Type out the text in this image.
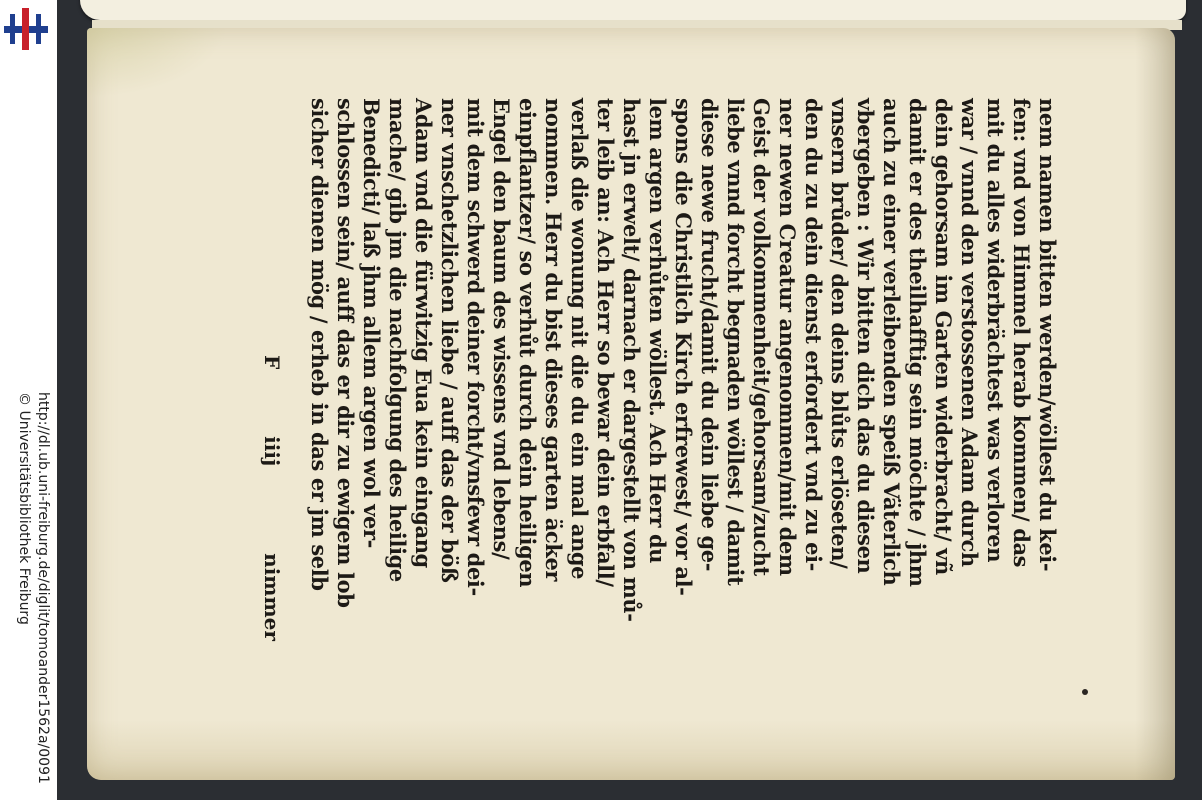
http://dl.ub.uni-freiburg.de/diglit/tomoander1562a/0091
© Universitätsbibliothek Freiburg	nem namen bitten werden/wöllest du kei-
fen: vnd von Himmel herab kommen/ das
mit du alles widerbrächtest was verloren
war / vnnd den verstossenen Adam durch
dein gehorsam im Garten widerbracht/ vñ
damit er des theilhafftig sein möchte / jhm
auch zu einer verleibenden speiß Väterlich
vbergeben : Wir bitten dich das du diesen
vnsern brůder/ den deins blůts erlöseten/
den du zu dein dienst erfordert vnd zu ei-
ner newen Creatur angenommen/mit dem
Geist der volkommenheit/gehorsam/zucht
liebe vnnd forcht begnaden wöllest / damit
diese newe frucht/damit du dein liebe ge-
spons die Christlich Kirch erfrewest/ vor al-
lem argen verhůten wöllest. Ach Herr du
hast jn erwelt/ darnach er dargestellt von mů-
ter leib an: Ach Herr so bewar dein erbfall/
verlaß die wonung nit die du ein mal ange
nommen. Herr du bist dieses garten äcker
einpflantzer/ so verhůt durch dein heiligen
Engel den baum des wissens vnd lebens/
mit dem schwerd deiner forcht/vnsfewr dei-
ner vnschetzlichen liebe / auff das der böß
Adam vnd die fürwitzig Eua kein eingang
mache/ gib jm die nachfolgung des heilige
Benedicti/ laß jhm allem argen wol ver-
schlossen sein/ auff das er dir zu ewigem lob
sicher dienen mög / erheb in das er jm selb
F iiij nimmer
